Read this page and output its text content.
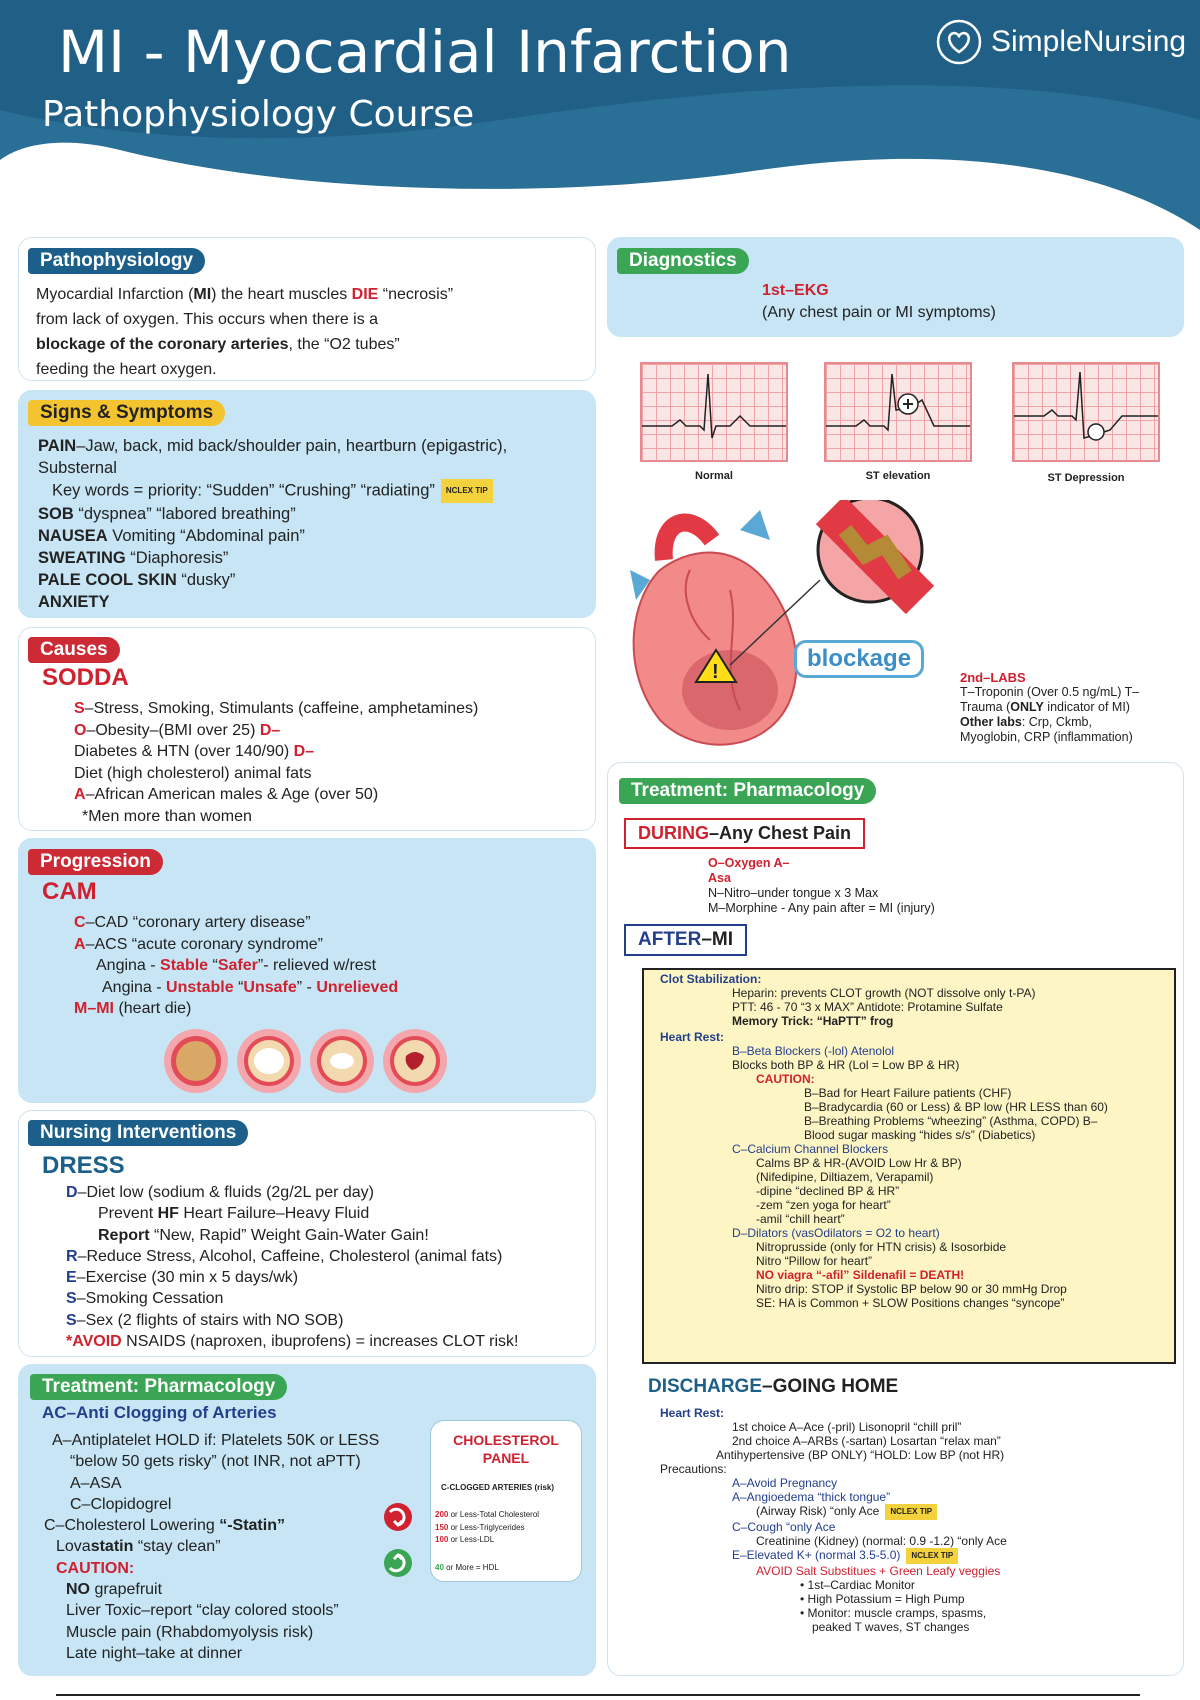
MI - Myocardial Infarction
Pathophysiology Course
SimpleNursing
Pathophysiology
Myocardial Infarction (MI) the heart muscles DIE “necrosis”
from lack of oxygen. This occurs when there is a
blockage of the coronary arteries, the “O2 tubes”
feeding the heart oxygen.
Signs & Symptoms
PAIN–Jaw, back, mid back/shoulder pain, heartburn (epigastric),
Substernal
Key words = priority: “Sudden” “Crushing” “radiating” NCLEX TIP
SOB “dyspnea” “labored breathing”
NAUSEA Vomiting “Abdominal pain”
SWEATING “Diaphoresis”
PALE COOL SKIN “dusky”
ANXIETY
Causes
SODDA
S–Stress, Smoking, Stimulants (caffeine, amphetamines)
O–Obesity–(BMI over 25) D–
Diabetes & HTN (over 140/90) D–
Diet (high cholesterol) animal fats
A–African American males & Age (over 50)
*Men more than women
Progression
CAM
C–CAD “coronary artery disease”
A–ACS “acute coronary syndrome”
Angina - Stable “Safer”- relieved w/rest
Angina - Unstable “Unsafe” - Unrelieved
M–MI (heart die)
Nursing Interventions
DRESS
D–Diet low (sodium & fluids (2g/2L per day)
Prevent HF Heart Failure–Heavy Fluid
Report “New, Rapid” Weight Gain-Water Gain!
R–Reduce Stress, Alcohol, Caffeine, Cholesterol (animal fats)
E–Exercise (30 min x 5 days/wk)
S–Smoking Cessation
S–Sex (2 flights of stairs with NO SOB)
*AVOID NSAIDS (naproxen, ibuprofens) = increases CLOT risk!
Treatment: Pharmacology
AC–Anti Clogging of Arteries
A–Antiplatelet HOLD if: Platelets 50K or LESS
“below 50 gets risky” (not INR, not aPTT)
A–ASA
C–Clopidogrel
C–Cholesterol Lowering “-Statin”
Lovastatin “stay clean”
CAUTION:
NO grapefruit
Liver Toxic–report “clay colored stools”
Muscle pain (Rhabdomyolysis risk)
Late night–take at dinner
CHOLESTEROL
PANEL
C-CLOGGED ARTERIES (risk)
200 or Less-Total Cholesterol
150 or Less-Triglycerides
100 or Less-LDL
40 or More = HDL
Diagnostics
1st–EKG
(Any chest pain or MI symptoms)
Normal	ST elevation	ST Depression
!	blockage
2nd–LABS
T–Troponin (Over 0.5 ng/mL) T–
Trauma (ONLY indicator of MI)
Other labs: Crp, Ckmb,
Myoglobin, CRP (inflammation)
Treatment: Pharmacology
DURING–Any Chest Pain
O–Oxygen A–
Asa
N–Nitro–under tongue x 3 Max
M–Morphine - Any pain after = MI (injury)
AFTER–MI
Clot Stabilization:
Heparin: prevents CLOT growth (NOT dissolve only t-PA)
PTT: 46 - 70 “3 x MAX” Antidote: Protamine Sulfate
Memory Trick: “HaPTT” frog
Heart Rest:
B–Beta Blockers (-lol) Atenolol
Blocks both BP & HR (Lol = Low BP & HR)
CAUTION:
B–Bad for Heart Failure patients (CHF)
B–Bradycardia (60 or Less) & BP low (HR LESS than 60)
B–Breathing Problems “wheezing” (Asthma, COPD) B–
Blood sugar masking “hides s/s” (Diabetics)
C–Calcium Channel Blockers
Calms BP & HR-(AVOID Low Hr & BP)
(Nifedipine, Diltiazem, Verapamil)
-dipine “declined BP & HR”
-zem “zen yoga for heart”
-amil “chill heart”
D–Dilators (vasOdilators = O2 to heart)
Nitroprusside (only for HTN crisis) & Isosorbide
Nitro “Pillow for heart”
NO viagra “-afil” Sildenafil = DEATH!
Nitro drip: STOP if Systolic BP below 90 or 30 mmHg Drop
SE: HA is Common + SLOW Positions changes “syncope”
DISCHARGE–GOING HOME
Heart Rest:
1st choice A–Ace (-pril) Lisonopril “chill pril”
2nd choice A–ARBs (-sartan) Losartan “relax man”
Antihypertensive (BP ONLY) “HOLD: Low BP (not HR)
Precautions:
A–Avoid Pregnancy
A–Angioedema “thick tongue”
(Airway Risk) “only Ace NCLEX TIP
C–Cough “only Ace
Creatinine (Kidney) (normal: 0.9 -1.2) “only Ace
E–Elevated K+ (normal 3.5-5.0) NCLEX TIP
AVOID Salt Substitues + Green Leafy veggies
• 1st–Cardiac Monitor
• High Potassium = High Pump
• Monitor: muscle cramps, spasms,
peaked T waves, ST changes
